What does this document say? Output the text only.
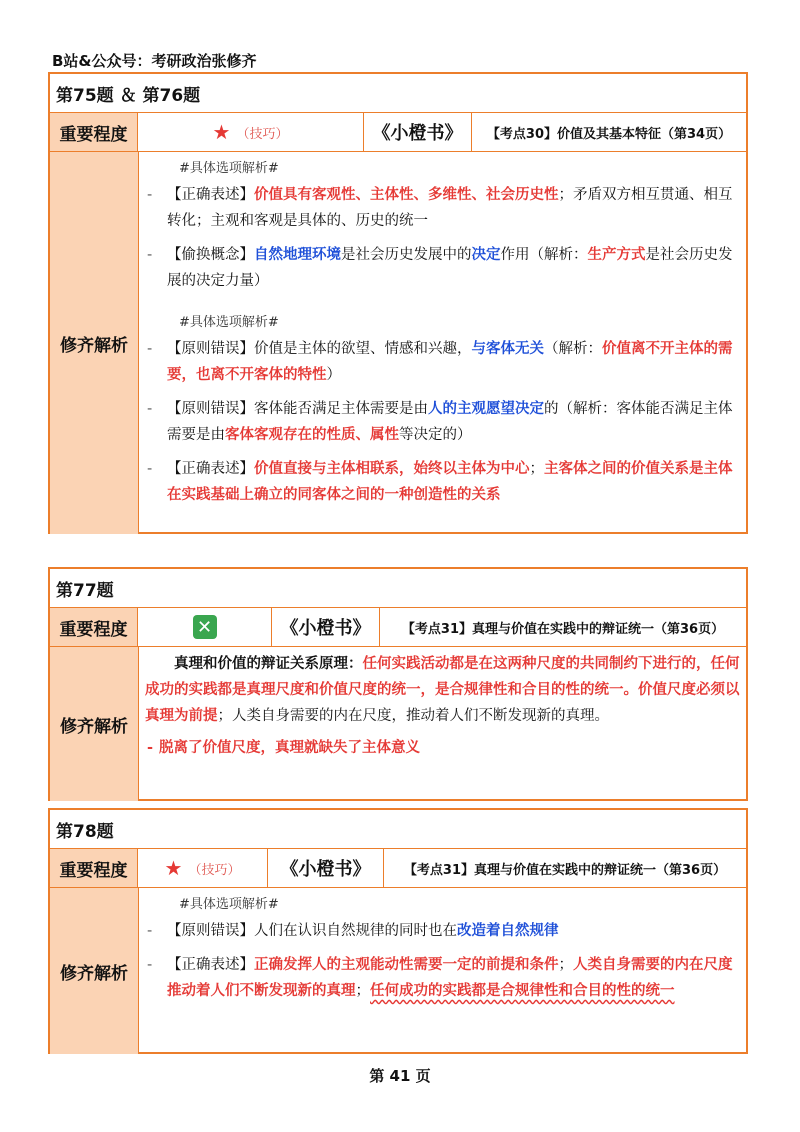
B站&公众号：考研政治张修齐
第75题 ＆ 第76题
重要程度	★ （技巧）	《小橙书》	【考点30】价值及其基本特征（第34页）
修齐解析
#具体选项解析#
- 【正确表述】价值具有客观性、主体性、多维性、社会历史性；矛盾双方相互贯通、相互转化；主观和客观是具体的、历史的统一
- 【偷换概念】自然地理环境是社会历史发展中的决定作用（解析：生产方式是社会历史发展的决定力量）
#具体选项解析#
- 【原则错误】价值是主体的欲望、情感和兴趣，与客体无关（解析：价值离不开主体的需要，也离不开客体的特性）
- 【原则错误】客体能否满足主体需要是由人的主观愿望决定的（解析：客体能否满足主体需要是由客体客观存在的性质、属性等决定的）
- 【正确表述】价值直接与主体相联系，始终以主体为中心；主客体之间的价值关系是主体在实践基础上确立的同客体之间的一种创造性的关系
第77题
重要程度	✕	《小橙书》	【考点31】真理与价值在实践中的辩证统一（第36页）
修齐解析
真理和价值的辩证关系原理：任何实践活动都是在这两种尺度的共同制约下进行的，任何成功的实践都是真理尺度和价值尺度的统一，是合规律性和合目的性的统一。价值尺度必须以真理为前提；人类自身需要的内在尺度，推动着人们不断发现新的真理。
- 脱离了价值尺度，真理就缺失了主体意义
第78题
重要程度	★ （技巧）	《小橙书》	【考点31】真理与价值在实践中的辩证统一（第36页）
修齐解析
#具体选项解析#
- 【原则错误】人们在认识自然规律的同时也在改造着自然规律
- 【正确表述】正确发挥人的主观能动性需要一定的前提和条件；人类自身需要的内在尺度推动着人们不断发现新的真理；任何成功的实践都是合规律性和合目的性的统一
第 41 页
